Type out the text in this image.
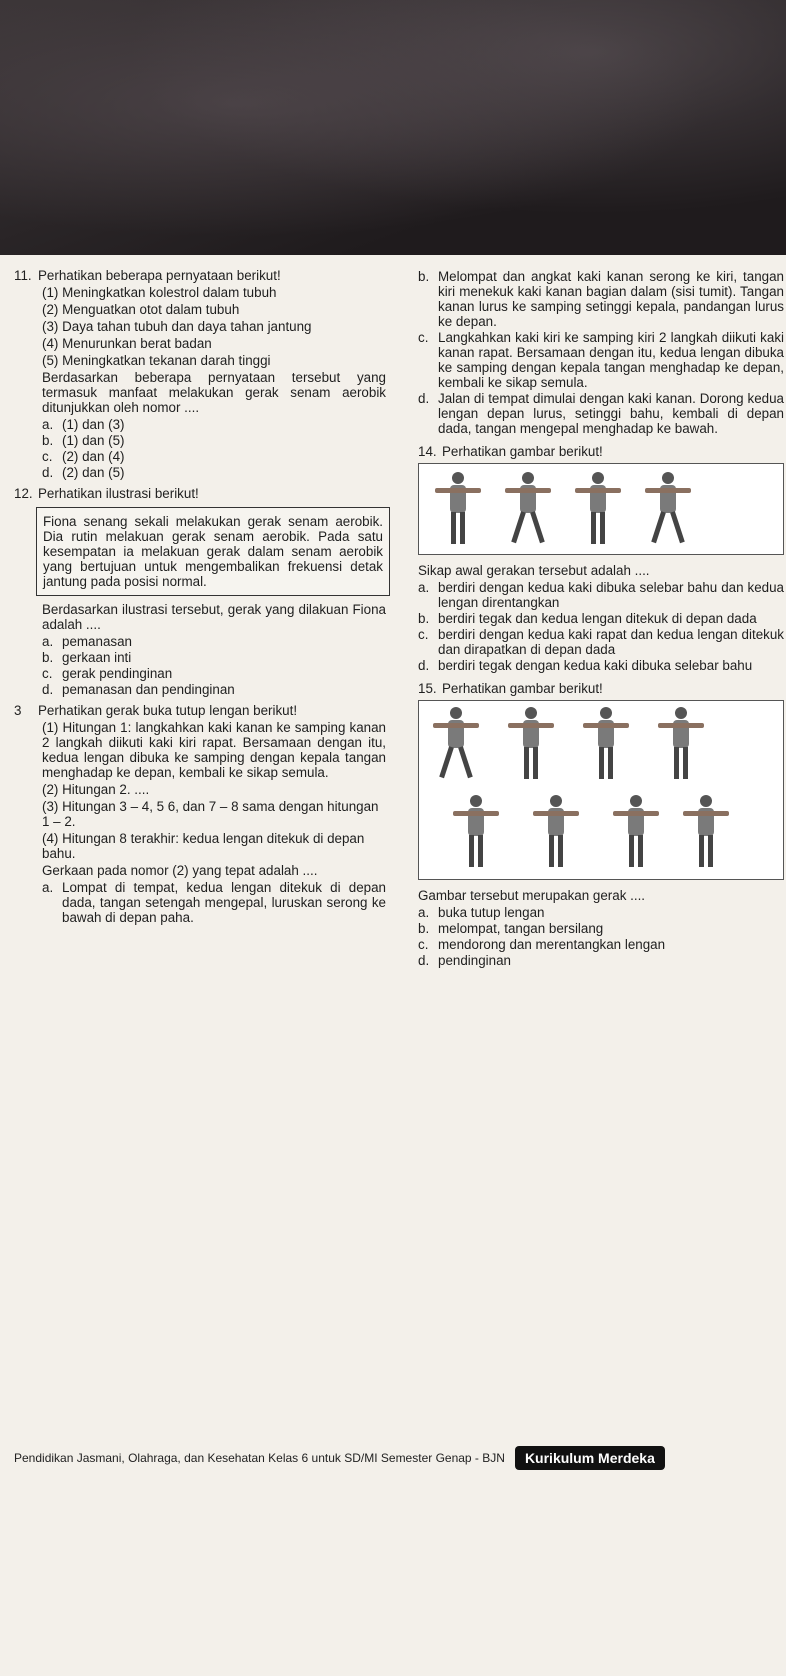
11. Perhatikan beberapa pernyataan berikut!
(1) Meningkatkan kolestrol dalam tubuh
(2) Menguatkan otot dalam tubuh
(3) Daya tahan tubuh dan daya tahan jantung
(4) Menurunkan berat badan
(5) Meningkatkan tekanan darah tinggi
Berdasarkan beberapa pernyataan tersebut yang termasuk manfaat melakukan gerak senam aerobik ditunjukkan oleh nomor ....
a. (1) dan (3)
b. (1) dan (5)
c. (2) dan (4)
d. (2) dan (5)
12. Perhatikan ilustrasi berikut!
Fiona senang sekali melakukan gerak senam aerobik. Dia rutin melakuan gerak senam aerobik. Pada satu kesempatan ia melakuan gerak dalam senam aerobik yang bertujuan untuk mengembalikan frekuensi detak jantung pada posisi normal.
Berdasarkan ilustrasi tersebut, gerak yang dilakuan Fiona adalah ....
a. pemanasan
b. gerkaan inti
c. gerak pendinginan
d. pemanasan dan pendinginan
3	Perhatikan gerak buka tutup lengan berikut!
(1) Hitungan 1: langkahkan kaki kanan ke samping kanan 2 langkah diikuti kaki kiri rapat. Bersamaan dengan itu, kedua lengan dibuka ke samping dengan kepala tangan menghadap ke depan, kembali ke sikap semula.
(2) Hitungan 2. ....
(3) Hitungan 3 – 4, 5 6, dan 7 – 8 sama dengan hitungan 1 – 2.
(4) Hitungan 8 terakhir: kedua lengan ditekuk di depan bahu.
Gerkaan pada nomor (2) yang tepat adalah ....
a. Lompat di tempat, kedua lengan ditekuk di depan dada, tangan setengah mengepal, luruskan serong ke bawah di depan paha.
b. Melompat dan angkat kaki kanan serong ke kiri, tangan kiri menekuk kaki kanan bagian dalam (sisi tumit). Tangan kanan lurus ke samping setinggi kepala, pandangan lurus ke depan.
c. Langkahkan kaki kiri ke samping kiri 2 langkah diikuti kaki kanan rapat. Bersamaan dengan itu, kedua lengan dibuka ke samping dengan kepala tangan menghadap ke depan, kembali ke sikap semula.
d. Jalan di tempat dimulai dengan kaki kanan. Dorong kedua lengan depan lurus, setinggi bahu, kembali di depan dada, tangan mengepal menghadap ke bawah.
14. Perhatikan gambar berikut!
Sikap awal gerakan tersebut adalah ....
a. berdiri dengan kedua kaki dibuka selebar bahu dan kedua lengan direntangkan
b. berdiri tegak dan kedua lengan ditekuk di depan dada
c. berdiri dengan kedua kaki rapat dan kedua lengan ditekuk dan dirapatkan di depan dada
d. berdiri tegak dengan kedua kaki dibuka selebar bahu
15. Perhatikan gambar berikut!
Gambar tersebut merupakan gerak ....
a. buka tutup lengan
b. melompat, tangan bersilang
c. mendorong dan merentangkan lengan
d. pendinginan
Pendidikan Jasmani, Olahraga, dan Kesehatan Kelas 6 untuk SD/MI Semester Genap - BJN	Kurikulum Merdeka
